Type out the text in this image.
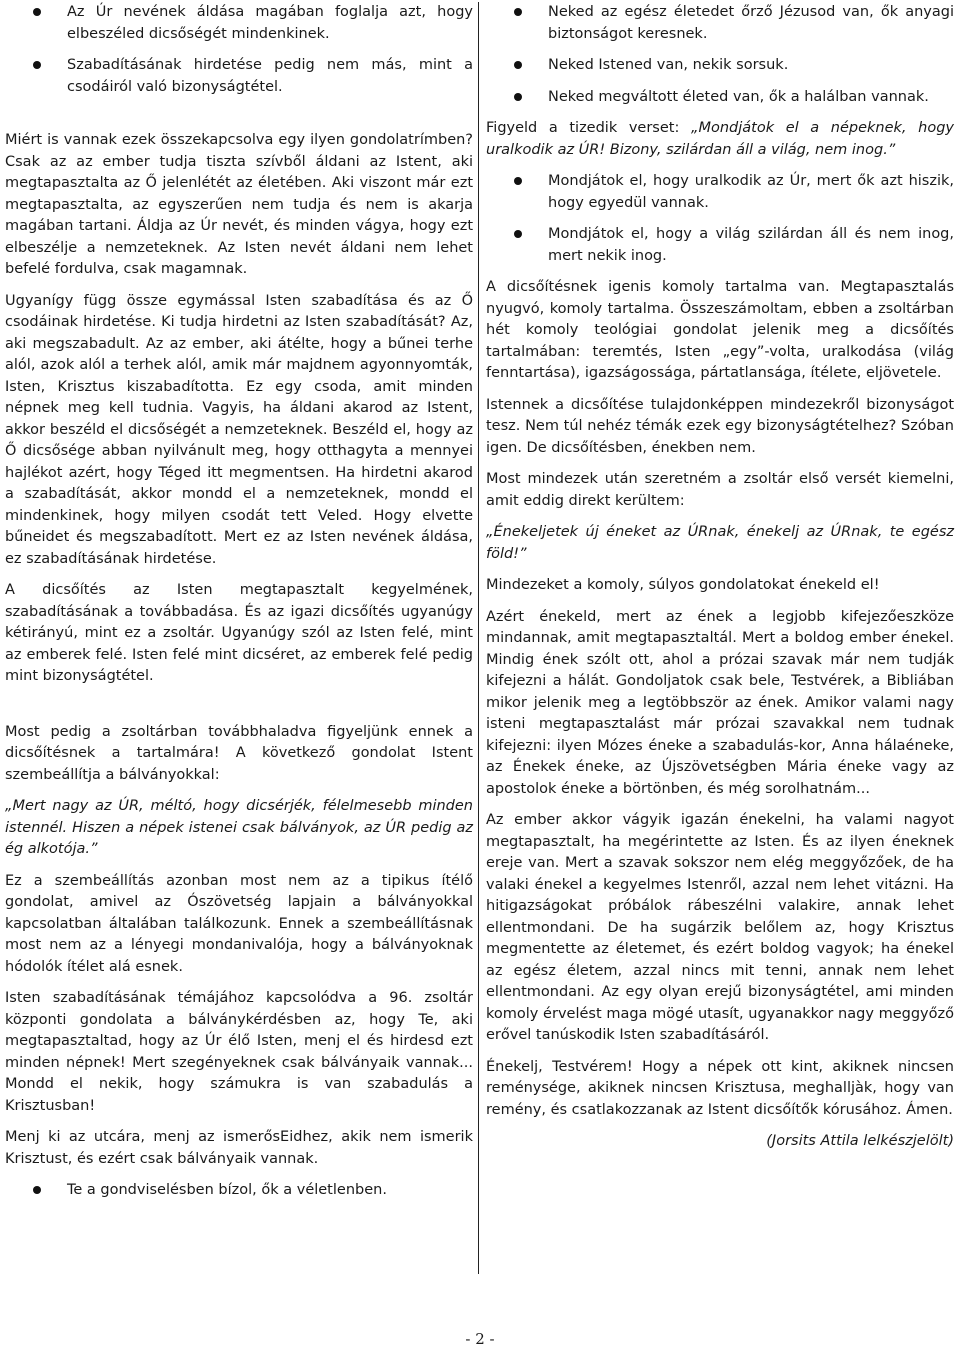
Az Úr nevének áldása magában foglalja azt, hogy elbeszéled dicsőségét mindenkinek.
Szabadításának hirdetése pedig nem más, mint a csodáiról való bizonyságtétel.

Miért is vannak ezek összekapcsolva egy ilyen gondolatrímben? Csak az az ember tudja tiszta szívből áldani az Istent, aki megtapasztalta az Ő jelenlétét az életében. Aki viszont már ezt megtapasztalta, az egyszerűen nem tudja és nem is akarja magában tartani. Áldja az Úr nevét, és minden vágya, hogy ezt elbeszélje a nemzeteknek. Az Isten nevét áldani nem lehet befelé fordulva, csak magamnak.

Ugyanígy függ össze egymással Isten szabadítása és az Ő csodáinak hirdetése. Ki tudja hirdetni az Isten szabadítását? Az, aki megszabadult. Az az ember, aki átélte, hogy a bűnei terhe alól, azok alól a terhek alól, amik már majdnem agyonnyomták, Isten, Krisztus kiszabadította. Ez egy csoda, amit minden népnek meg kell tudnia. Vagyis, ha áldani akarod az Istent, akkor beszéld el dicsőségét a nemzeteknek. Beszéld el, hogy az Ő dicsősége abban nyilvánult meg, hogy otthagyta a mennyei hajlékot azért, hogy Téged itt megmentsen. Ha hirdetni akarod a szabadítását, akkor mondd el a nemzeteknek, mondd el mindenkinek, hogy milyen csodát tett Veled. Hogy elvette bűneidet és megszabadított. Mert ez az Isten nevének áldása, ez szabadításának hirdetése.

A dicsőítés az Isten megtapasztalt kegyelmének, szabadításának a továbbadása. És az igazi dicsőítés ugyanúgy kétirányú, mint ez a zsoltár. Ugyanúgy szól az Isten felé, mint az emberek felé. Isten felé mint dicséret, az emberek felé pedig mint bizonyságtétel.

Most pedig a zsoltárban továbbhaladva figyeljünk ennek a dicsőítésnek a tartalmára! A következő gondolat Istent szembeállítja a bálványokkal:

„Mert nagy az ÚR, méltó, hogy dicsérjék, félelmesebb minden istennél. Hiszen a népek istenei csak bálványok, az ÚR pedig az ég alkotója.”

Ez a szembeállítás azonban most nem az a tipikus ítélő gondolat, amivel az Ószövetség lapjain a bálványokkal kapcsolatban általában találkozunk. Ennek a szembeállításnak most nem az a lényegi mondanivalója, hogy a bálványoknak hódolók ítélet alá esnek.

Isten szabadításának témájához kapcsolódva a 96. zsoltár központi gondolata a bálványkérdésben az, hogy Te, aki megtapasztaltad, hogy az Úr élő Isten, menj el és hirdesd ezt minden népnek! Mert szegényeknek csak bálványaik vannak... Mondd el nekik, hogy számukra is van szabadulás a Krisztusban!

Menj ki az utcára, menj az ismerősEidhez, akik nem ismerik Krisztust, és ezért csak bálványaik vannak.

Te a gondviselésben bízol, ők a véletlenben.
Neked az egész életedet őrző Jézusod van, ők anyagi biztonságot keresnek.
Neked Istened van, nekik sorsuk.
Neked megváltott életed van, ők a halálban vannak.

Figyeld a tizedik verset: „Mondjátok el a népeknek, hogy uralkodik az ÚR! Bizony, szilárdan áll a világ, nem inog.”

Mondjátok el, hogy uralkodik az Úr, mert ők azt hiszik, hogy egyedül vannak.
Mondjátok el, hogy a világ szilárdan áll és nem inog, mert nekik inog.

A dicsőítésnek igenis komoly tartalma van. Megtapasztalás nyugvó, komoly tartalma. Összeszámoltam, ebben a zsoltárban hét komoly teológiai gondolat jelenik meg a dicsőítés tartalmában: teremtés, Isten „egy”-volta, uralkodása (világ fenntartása), igazságossága, pártatlansága, ítélete, eljövetele.

Istennek a dicsőítése tulajdonképpen mindezekről bizonyságot tesz. Nem túl nehéz témák ezek egy bizonyságtételhez? Szóban igen. De dicsőítésben, énekben nem.

Most mindezek után szeretném a zsoltár első versét kiemelni, amit eddig direkt kerültem:

„Énekeljetek új éneket az ÚRnak, énekelj az ÚRnak, te egész föld!”

Mindezeket a komoly, súlyos gondolatokat énekeld el!

Azért énekeld, mert az ének a legjobb kifejezőeszköze mindannak, amit megtapasztaltál. Mert a boldog ember énekel. Mindig ének szólt ott, ahol a prózai szavak már nem tudják kifejezni a hálát. Gondoljatok csak bele, Testvérek, a Bibliában mikor jelenik meg a legtöbbször az ének. Amikor valami nagy isteni megtapasztalást már prózai szavakkal nem tudnak kifejezni: ilyen Mózes éneke a szabadulás-kor, Anna hálaéneke, az Énekek éneke, az Újszövetségben Mária éneke vagy az apostolok éneke a börtönben, és még sorolhatnám...

Az ember akkor vágyik igazán énekelni, ha valami nagyot megtapasztalt, ha megérintette az Isten. És az ilyen éneknek ereje van. Mert a szavak sokszor nem elég meggyőzőek, de ha valaki énekel a kegyelmes Istenről, azzal nem lehet vitázni. Ha hitigazságokat próbálok rábeszélni valakire, annak lehet ellentmondani. De ha sugárzik belőlem az, hogy Krisztus megmentette az életemet, és ezért boldog vagyok; ha énekel az egész életem, azzal nincs mit tenni, annak nem lehet ellentmondani. Az egy olyan erejű bizonyságtétel, ami minden komoly érvelést maga mögé utasít, ugyanakkor nagy meggyőző erővel tanúskodik Isten szabadításáról.

Énekelj, Testvérem! Hogy a népek ott kint, akiknek nincsen reménysége, akiknek nincsen Krisztusa, meghalljàk, hogy van remény, és csatlakozzanak az Istent dicsőítők kórusához. Ámen.

(Jorsits Attila lelkészjelölt)

- 2 -
